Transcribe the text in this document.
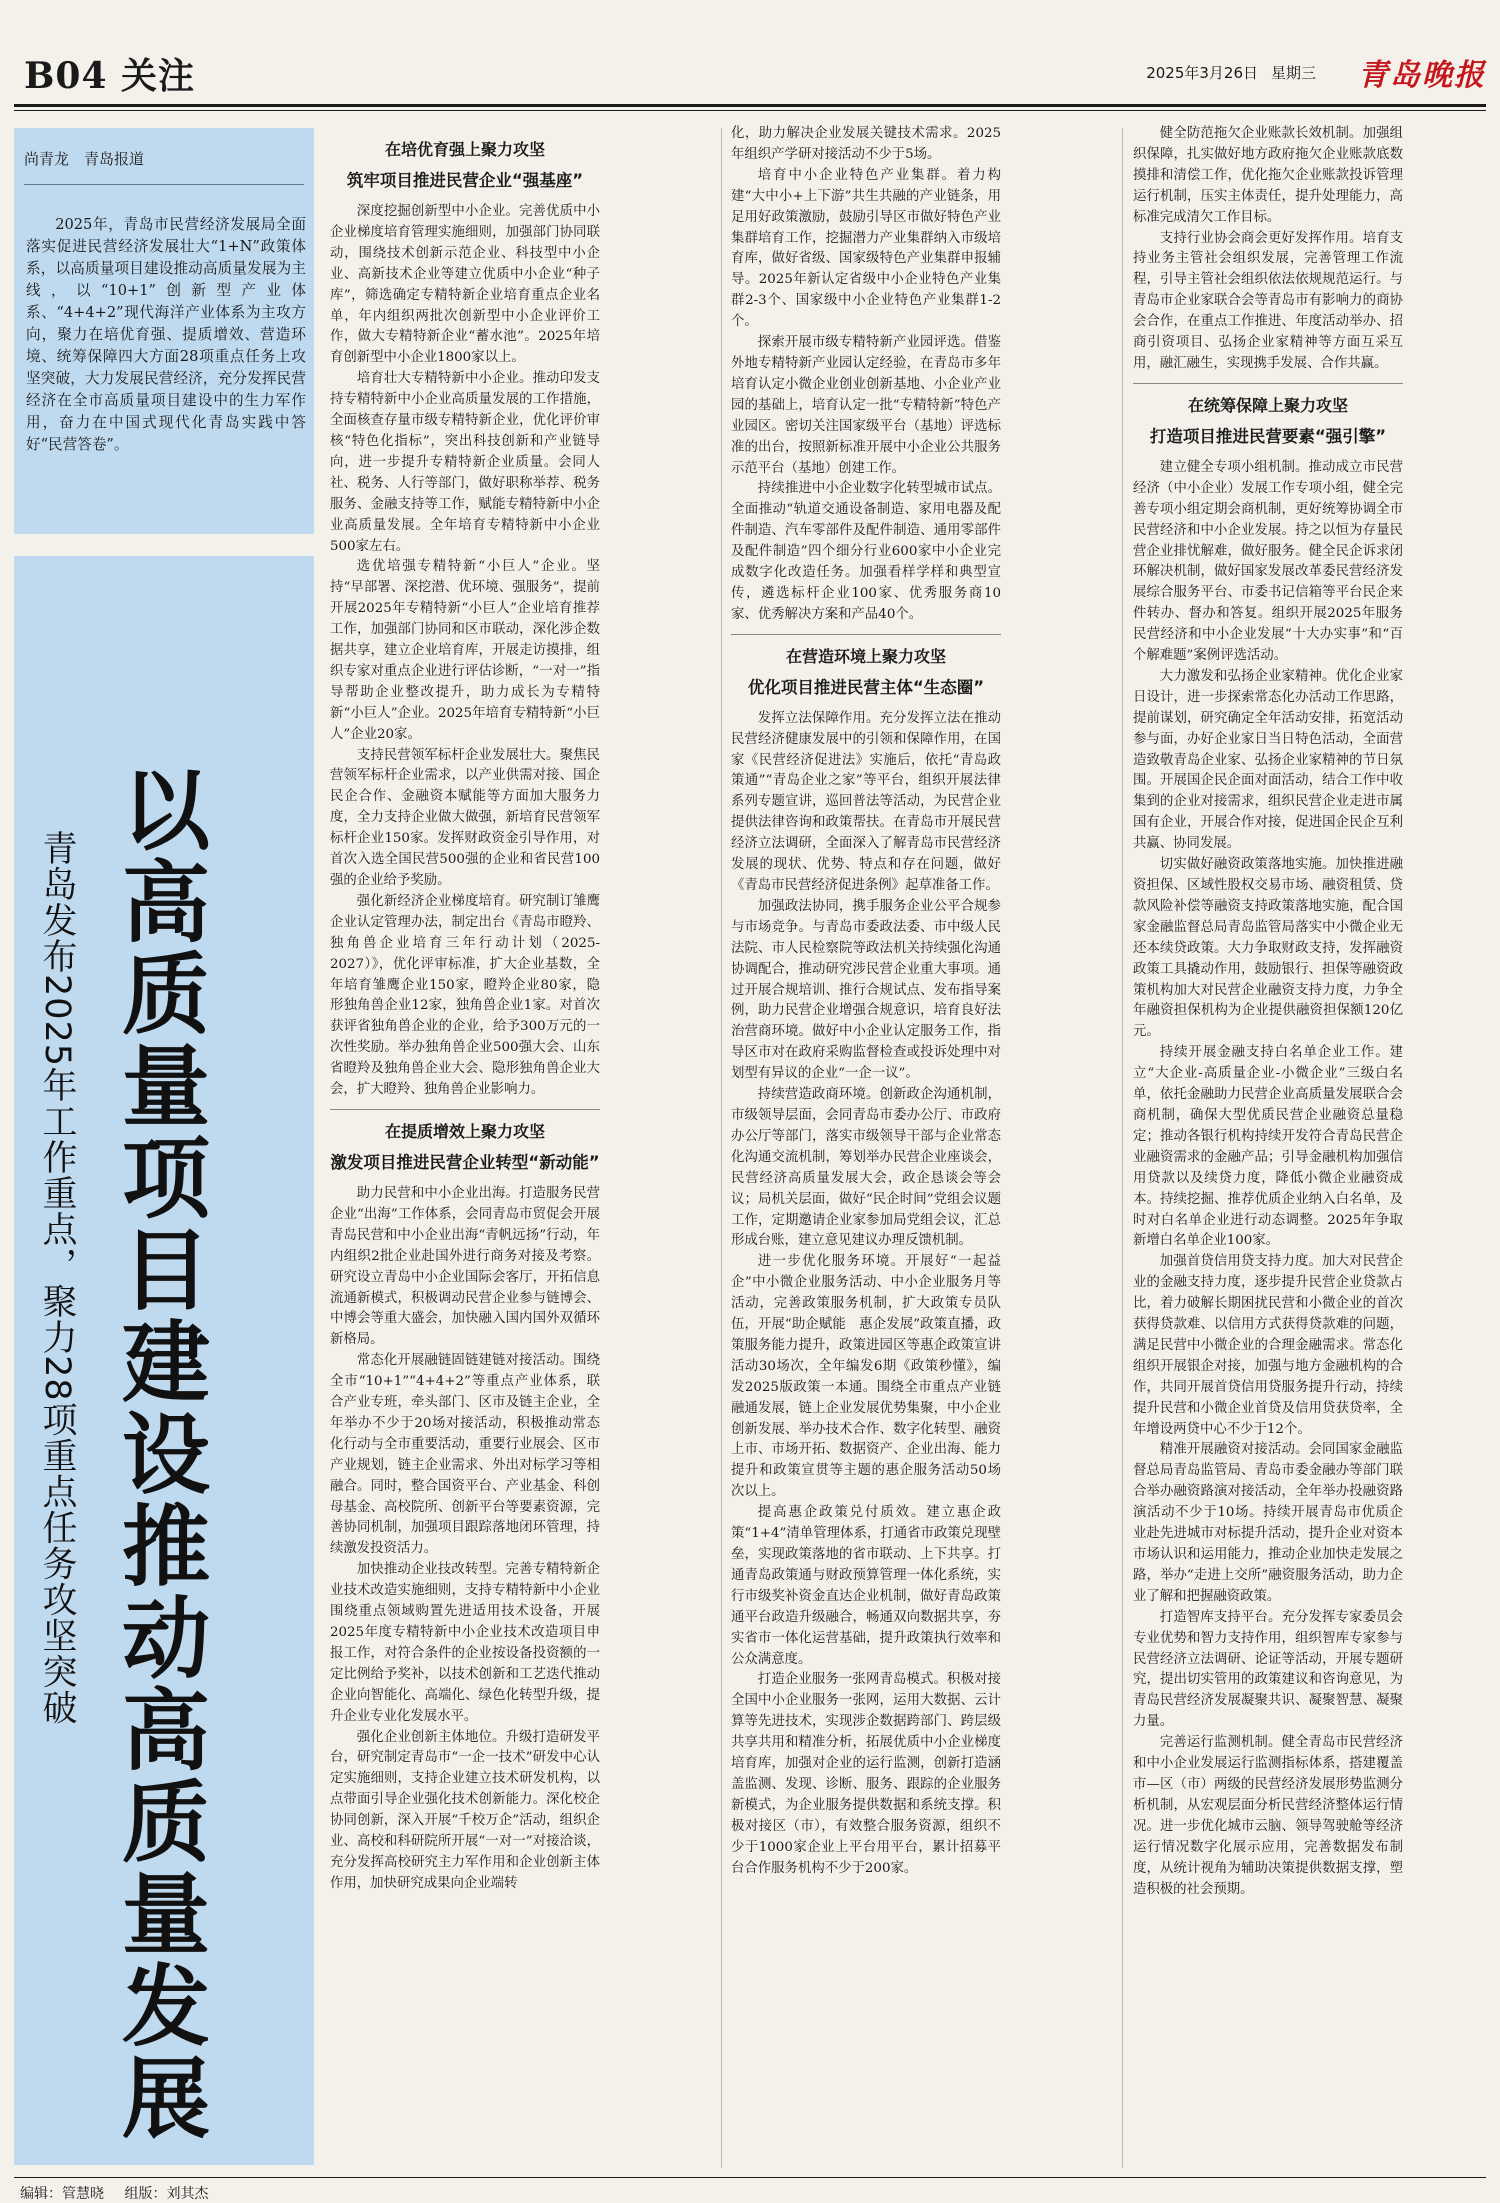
B04 关注	2025年3月26日 星期三 青岛晚报
尚青龙　青岛报道
2025年，青岛市民营经济发展局全面落实促进民营经济发展壮大“1+N”政策体系，以高质量项目建设推动高质量发展为主线，以“10+1”创新型产业体系、“4+4+2”现代海洋产业体系为主攻方向，聚力在培优育强、提质增效、营造环境、统筹保障四大方面28项重点任务上攻坚突破，大力发展民营经济，充分发挥民营经济在全市高质量项目建设中的生力军作用，奋力在中国式现代化青岛实践中答好“民营答卷”。
以高质量项目建设推动高质量发展
青岛发布2025年工作重点，聚力28项重点任务攻坚突破
在培优育强上聚力攻坚
筑牢项目推进民营企业“强基座”

深度挖掘创新型中小企业。完善优质中小企业梯度培育管理实施细则，加强部门协同联动，围绕技术创新示范企业、科技型中小企业、高新技术企业等建立优质中小企业“种子库”，筛选确定专精特新企业培育重点企业名单，年内组织两批次创新型中小企业评价工作，做大专精特新企业“蓄水池”。2025年培育创新型中小企业1800家以上。

培育壮大专精特新中小企业。推动印发支持专精特新中小企业高质量发展的工作措施，全面核查存量市级专精特新企业，优化评价审核“特色化指标”，突出科技创新和产业链导向，进一步提升专精特新企业质量。会同人社、税务、人行等部门，做好职称举荐、税务服务、金融支持等工作，赋能专精特新中小企业高质量发展。全年培育专精特新中小企业500家左右。

选优培强专精特新“小巨人”企业。坚持“早部署、深挖潜、优环境、强服务”，提前开展2025年专精特新“小巨人”企业培育推荐工作，加强部门协同和区市联动，深化涉企数据共享，建立企业培育库，开展走访摸排，组织专家对重点企业进行评估诊断，“一对一”指导帮助企业整改提升，助力成长为专精特新“小巨人”企业。2025年培育专精特新“小巨人”企业20家。

支持民营领军标杆企业发展壮大。聚焦民营领军标杆企业需求，以产业供需对接、国企民企合作、金融资本赋能等方面加大服务力度，全力支持企业做大做强，新培育民营领军标杆企业150家。发挥财政资金引导作用，对首次入选全国民营500强的企业和省民营100强的企业给予奖励。

强化新经济企业梯度培育。研究制订雏鹰企业认定管理办法，制定出台《青岛市瞪羚、独角兽企业培育三年行动计划（2025-2027）》，优化评审标准，扩大企业基数，全年培育雏鹰企业150家，瞪羚企业80家，隐形独角兽企业12家，独角兽企业1家。对首次获评省独角兽企业的企业，给予300万元的一次性奖励。举办独角兽企业500强大会、山东省瞪羚及独角兽企业大会、隐形独角兽企业大会，扩大瞪羚、独角兽企业影响力。

在提质增效上聚力攻坚
激发项目推进民营企业转型“新动能”

助力民营和中小企业出海。打造服务民营企业“出海”工作体系，会同青岛市贸促会开展青岛民营和中小企业出海“青帆远扬”行动，年内组织2批企业赴国外进行商务对接及考察。研究设立青岛中小企业国际会客厅，开拓信息流通新模式，积极调动民营企业参与链博会、中博会等重大盛会，加快融入国内国外双循环新格局。

常态化开展融链固链建链对接活动。围绕全市“10+1”“4+4+2”等重点产业体系，联合产业专班，牵头部门、区市及链主企业，全年举办不少于20场对接活动，积极推动常态化行动与全市重要活动，重要行业展会、区市产业规划，链主企业需求、外出对标学习等相融合。同时，整合国资平台、产业基金、科创母基金、高校院所、创新平台等要素资源，完善协同机制，加强项目跟踪落地闭环管理，持续激发投资活力。

加快推动企业技改转型。完善专精特新企业技术改造实施细则，支持专精特新中小企业围绕重点领域购置先进适用技术设备，开展2025年度专精特新中小企业技术改造项目申报工作，对符合条件的企业按设备投资额的一定比例给予奖补，以技术创新和工艺迭代推动企业向智能化、高端化、绿色化转型升级，提升企业专业化发展水平。

强化企业创新主体地位。升级打造研发平台，研究制定青岛市“一企一技术”研发中心认定实施细则，支持企业建立技术研发机构，以点带面引导企业强化技术创新能力。深化校企协同创新，深入开展“千校万企”活动，组织企业、高校和科研院所开展“一对一”对接洽谈，充分发挥高校研究主力军作用和企业创新主体作用，加快研究成果向企业端转

化，助力解决企业发展关键技术需求。2025年组织产学研对接活动不少于5场。

培育中小企业特色产业集群。着力构建“大中小+上下游”共生共融的产业链条，用足用好政策激励，鼓励引导区市做好特色产业集群培育工作，挖掘潜力产业集群纳入市级培育库，做好省级、国家级特色产业集群申报辅导。2025年新认定省级中小企业特色产业集群2-3个、国家级中小企业特色产业集群1-2个。

探索开展市级专精特新产业园评选。借鉴外地专精特新产业园认定经验，在青岛市多年培育认定小微企业创业创新基地、小企业产业园的基础上，培育认定一批“专精特新”特色产业园区。密切关注国家级平台（基地）评选标准的出台，按照新标准开展中小企业公共服务示范平台（基地）创建工作。

持续推进中小企业数字化转型城市试点。全面推动“轨道交通设备制造、家用电器及配件制造、汽车零部件及配件制造、通用零部件及配件制造”四个细分行业600家中小企业完成数字化改造任务。加强看样学样和典型宣传，遴选标杆企业100家、优秀服务商10家、优秀解决方案和产品40个。

在营造环境上聚力攻坚
优化项目推进民营主体“生态圈”

发挥立法保障作用。充分发挥立法在推动民营经济健康发展中的引领和保障作用，在国家《民营经济促进法》实施后，依托“青岛政策通”“青岛企业之家”等平台，组织开展法律系列专题宣讲，巡回普法等活动，为民营企业提供法律咨询和政策帮扶。在青岛市开展民营经济立法调研，全面深入了解青岛市民营经济发展的现状、优势、特点和存在问题，做好《青岛市民营经济促进条例》起草准备工作。

加强政法协同，携手服务企业公平合规参与市场竞争。与青岛市委政法委、市中级人民法院、市人民检察院等政法机关持续强化沟通协调配合，推动研究涉民营企业重大事项。通过开展合规培训、推行合规试点、发布指导案例，助力民营企业增强合规意识，培育良好法治营商环境。做好中小企业认定服务工作，指导区市对在政府采购监督检查或投诉处理中对划型有异议的企业“一企一议”。

持续营造政商环境。创新政企沟通机制，市级领导层面，会同青岛市委办公厅、市政府办公厅等部门，落实市级领导干部与企业常态化沟通交流机制，筹划举办民营企业座谈会，民营经济高质量发展大会，政企恳谈会等会议；局机关层面，做好“民企时间”党组会议题工作，定期邀请企业家参加局党组会议，汇总形成台账，建立意见建议办理反馈机制。

进一步优化服务环境。开展好“一起益企”中小微企业服务活动、中小企业服务月等活动，完善政策服务机制，扩大政策专员队伍，开展“助企赋能　惠企发展”政策直播，政策服务能力提升，政策进园区等惠企政策宣讲活动30场次，全年编发6期《政策秒懂》，编发2025版政策一本通。围绕全市重点产业链融通发展，链上企业发展优势集聚，中小企业创新发展、举办技术合作、数字化转型、融资上市、市场开拓、数据资产、企业出海、能力提升和政策宣贯等主题的惠企服务活动50场次以上。

提高惠企政策兑付质效。建立惠企政策“1+4”清单管理体系，打通省市政策兑现壁垒，实现政策落地的省市联动、上下共享。打通青岛政策通与财政预算管理一体化系统，实行市级奖补资金直达企业机制，做好青岛政策通平台政造升级融合，畅通双向数据共享，夯实省市一体化运营基础，提升政策执行效率和公众满意度。

打造企业服务一张网青岛模式。积极对接全国中小企业服务一张网，运用大数据、云计算等先进技术，实现涉企数据跨部门、跨层级共享共用和精准分析，拓展优质中小企业梯度培育库，加强对企业的运行监测，创新打造涵盖监测、发现、诊断、服务、跟踪的企业服务新模式，为企业服务提供数据和系统支撑。积极对接区（市），有效整合服务资源，组织不少于1000家企业上平台用平台，累计招募平台合作服务机构不少于200家。

健全防范拖欠企业账款长效机制。加强组织保障，扎实做好地方政府拖欠企业账款底数摸排和清偿工作，优化拖欠企业账款投诉管理运行机制，压实主体责任，提升处理能力，高标准完成清欠工作目标。

支持行业协会商会更好发挥作用。培育支持业务主管社会组织发展，完善管理工作流程，引导主管社会组织依法依规规范运行。与青岛市企业家联合会等青岛市有影响力的商协会合作，在重点工作推进、年度活动举办、招商引资项目、弘扬企业家精神等方面互采互用，融汇融生，实现携手发展、合作共赢。

在统筹保障上聚力攻坚
打造项目推进民营要素“强引擎”

建立健全专项小组机制。推动成立市民营经济（中小企业）发展工作专项小组，健全完善专项小组定期会商机制，更好统筹协调全市民营经济和中小企业发展。持之以恒为存量民营企业排忧解难，做好服务。健全民企诉求闭环解决机制，做好国家发展改革委民营经济发展综合服务平台、市委书记信箱等平台民企来件转办、督办和答复。组织开展2025年服务民营经济和中小企业发展“十大办实事”和“百个解难题”案例评选活动。

大力激发和弘扬企业家精神。优化企业家日设计，进一步探索常态化办活动工作思路，提前谋划，研究确定全年活动安排，拓宽活动参与面，办好企业家日当日特色活动，全面营造致敬青岛企业家、弘扬企业家精神的节日氛围。开展国企民企面对面活动，结合工作中收集到的企业对接需求，组织民营企业走进市属国有企业，开展合作对接，促进国企民企互利共赢、协同发展。

切实做好融资政策落地实施。加快推进融资担保、区域性股权交易市场、融资租赁、贷款风险补偿等融资支持政策落地实施，配合国家金融监督总局青岛监管局落实中小微企业无还本续贷政策。大力争取财政支持，发挥融资政策工具撬动作用，鼓励银行、担保等融资政策机构加大对民营企业融资支持力度，力争全年融资担保机构为企业提供融资担保额120亿元。

持续开展金融支持白名单企业工作。建立“大企业-高质量企业-小微企业”三级白名单，依托金融助力民营企业高质量发展联合会商机制，确保大型优质民营企业融资总量稳定；推动各银行机构持续开发符合青岛民营企业融资需求的金融产品；引导金融机构加强信用贷款以及续贷力度，降低小微企业融资成本。持续挖掘、推荐优质企业纳入白名单，及时对白名单企业进行动态调整。2025年争取新增白名单企业100家。

加强首贷信用贷支持力度。加大对民营企业的金融支持力度，逐步提升民营企业贷款占比，着力破解长期困扰民营和小微企业的首次获得贷款难、以信用方式获得贷款难的问题，满足民营中小微企业的合理金融需求。常态化组织开展银企对接，加强与地方金融机构的合作，共同开展首贷信用贷服务提升行动，持续提升民营和小微企业首贷及信用贷获贷率，全年增设两贷中心不少于12个。

精准开展融资对接活动。会同国家金融监督总局青岛监管局、青岛市委金融办等部门联合举办融资路演对接活动，全年举办投融资路演活动不少于10场。持续开展青岛市优质企业赴先进城市对标提升活动，提升企业对资本市场认识和运用能力，推动企业加快走发展之路，举办“走进上交所”融资服务活动，助力企业了解和把握融资政策。

打造智库支持平台。充分发挥专家委员会专业优势和智力支持作用，组织智库专家参与民营经济立法调研、论证等活动，开展专题研究，提出切实管用的政策建议和咨询意见，为青岛民营经济发展凝聚共识、凝聚智慧、凝聚力量。

完善运行监测机制。健全青岛市民营经济和中小企业发展运行监测指标体系，搭建覆盖市—区（市）两级的民营经济发展形势监测分析机制，从宏观层面分析民营经济整体运行情况。进一步优化城市云脑、领导驾驶舱等经济运行情况数字化展示应用，完善数据发布制度，从统计视角为辅助决策提供数据支撑，塑造积极的社会预期。

编辑：管慧晓 组版：刘其杰
